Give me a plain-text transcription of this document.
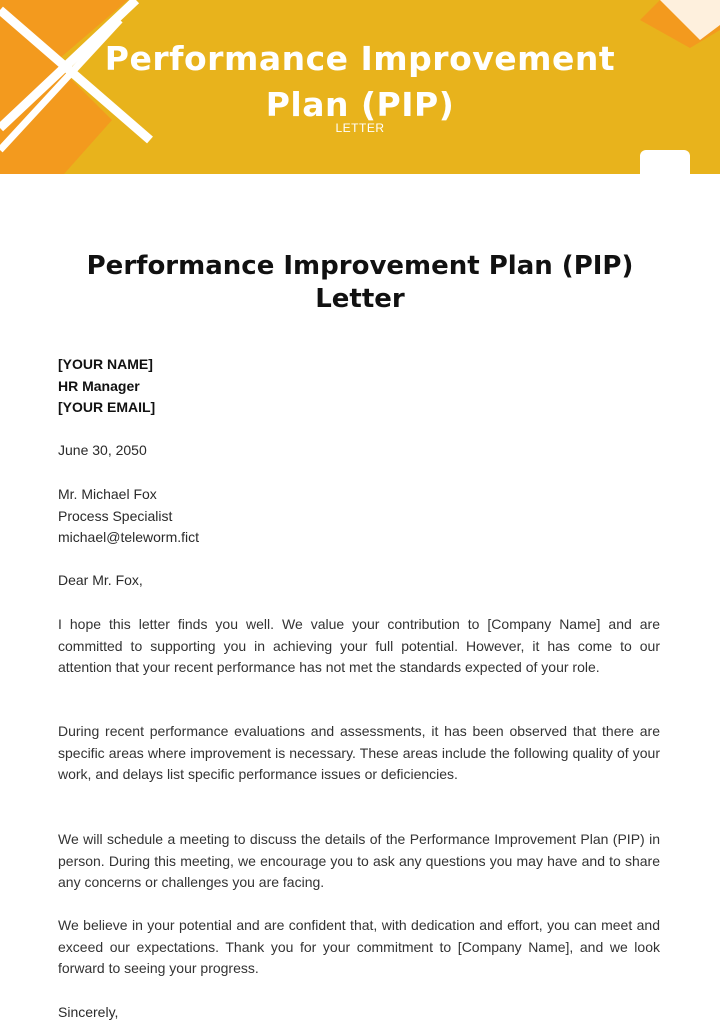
Performance Improvement
Plan (PIP)
LETTER
Performance Improvement Plan (PIP)
Letter
[YOUR NAME]
HR Manager
[YOUR EMAIL]
June 30, 2050
Mr. Michael Fox
Process Specialist
michael@teleworm.fict
Dear Mr. Fox,
I hope this letter finds you well. We value your contribution to [Company Name] and are committed to supporting you in achieving your full potential. However, it has come to our attention that your recent performance has not met the standards expected of your role.
During recent performance evaluations and assessments, it has been observed that there are specific areas where improvement is necessary. These areas include the following quality of your work, and delays list specific performance issues or deficiencies.
We will schedule a meeting to discuss the details of the Performance Improvement Plan (PIP) in person. During this meeting, we encourage you to ask any questions you may have and to share any concerns or challenges you are facing.
We believe in your potential and are confident that, with dedication and effort, you can meet and exceed our expectations. Thank you for your commitment to [Company Name], and we look forward to seeing your progress.
Sincerely,
